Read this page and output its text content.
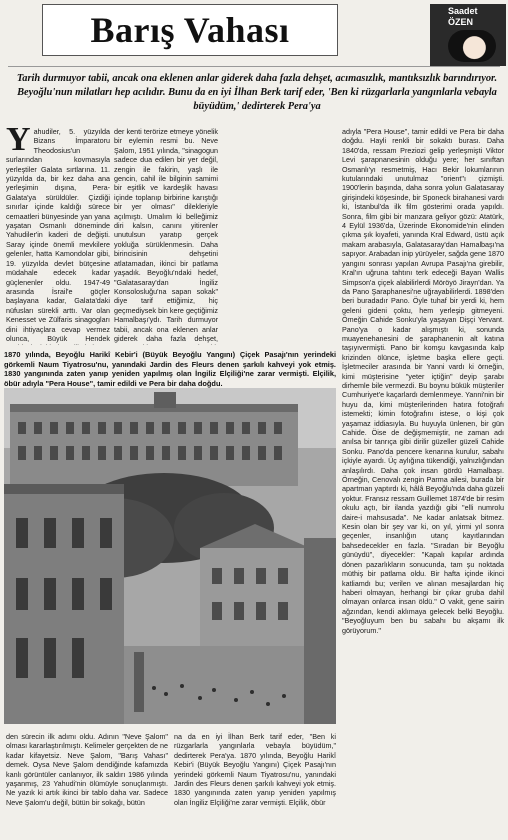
Barış Vahası	Saadet
ÖZEN
Tarih durmuyor tabii, ancak ona eklenen anlar giderek daha fazla dehşet, acımasızlık, mantıksızlık barındırıyor. Beyoğlu'nun milatları hep acılıdır. Bunu da en iyi İlhan Berk tarif eder, 'Ben ki rüzgarlarla yangınlarla vebayla büyüdüm,' dedirterek Pera'ya
Yahudiler, 5. yüzyılda Bizans İmparatoru Theodosius'un surlarından kovmasıyla yerleştiler Galata sırtlarına. 11. yüzyılda da, bir kez daha ana yerleşimin dışına, Pera-Galata'ya sürüldüler. Çizdiği sınırlar içinde kaldığı sürece cemaatleri bünyesinde yan yana yaşatan Osmanlı döneminde Yahudiler'in kaderi de değişti. Saray içinde önemli mevkilere gelenler, hatta Kamondolar gibi, 19. yüzyılda devlet bütçesine müdahale edecek kadar güçlenenler oldu. 1947-49 arasında İsrail'e göçler başlayana kadar, Galata'daki nüfusları sürekli arttı. Var olan Kenesset ve Zülfaris sinagogları dini ihtiyaçlara cevap vermez olunca, Büyük Hendek
der kenti terörize etmeye yönelik bir eylemin resmi bu. Neve Şalom, 1951 yılında, "sinagogun sadece dua edilen bir yer değil, zengin ile fakirin, yaşlı ile gencin, cahil ile bilginin samimi bir eşitlik ve kardeşlik havası içinde toplanıp birbirine karıştığı bir yer olması" dilekleriyle açılmıştı. Umalım ki belleğimiz diri kalsın, canını yitirenler unutulsun yaratıp gerçek yokluğa sürüklenmesin. Daha birincisinin dehşetini atlatamadan, ikinci bir patlama yaşadık. Beyoğlu'ndaki hedef, "Galatasaray'dan İngiliz Konsolosluğu'na sapan sokak" diye tarif ettiğimiz, hiç geçmediysek bin kere geçtiğimiz Hamalbaşı'ydı. Tarih durmuyor tabii, ancak ona eklenen anlar giderek daha fazla dehşet,
adıyla "Pera House", tamir edildi ve Pera bir daha doğdu. Hayli renkli bir sokaktı burası. Daha 1840'da, ressam Preziozi gelip yerleşmişti Viktor Levi şarapnanesinin olduğu yere; her sınıftan Osmanlı'yı resmetmiş, Hacı Bekir lokumlarının kutularındaki unutulmaz "orient"ı çizmişti. 1900'lerin başında, daha sonra yolun Galatasaray girişindeki köşesinde, bir Sponeck birahanesi vardı ki, İstanbul'da ilk film gösterimi orada yapıldı. Sonra, film gibi bir manzara geliyor gözü: Atatürk, 4 Eylül 1936'da, Üzerinde Ekonomide'nin elinden çıkma şık kıyafeti, yanında Kral Edward, üstü açık makam arabasıyla, Galatasaray'dan Hamalbaşı'na sapıyor. Arabadan inip yürüyeler, sağda gene 1870 yangını sonrası yapılan Avrupa Pasajı'na girebilir, Kral'ın uğruna tahtını terk edeceği Bayan Wallis Simpson'a çiçek alabilirlerdi Möröyö Jirayn'dan. Ya da Pano Şaraphanesi'ne uğrayabilirlerdi. 1898'den beri buradadır Pano. Öyle tuhaf bir yerdi ki, hem geleni gideni çoktu, hem yerleşip gitmeyeni. Ömeğin Cahide Sonku'yla yaşayan Dişçi Yervant. Pano'ya o kadar alışmıştı ki, sonunda muayenehanesini de şaraphanenin alt katına taşıyıvermişti. Pano bir komşu kavgasında kalp krizinden ölünce, işletme başka ellere geçti. İşletmeciler arasında bir Yanni vardı ki örneğin, kimi müşterisine "yeter içtiğin" deyip şarabı dirhemle bile vermezdi. Bu boynu bükük müşteriler Cumhuriyet'e kaçarlardı demlenmeye. Yanni'nin bir huyu da, kimi müşterilerinden hatıra fotoğrafı istemekti; kimin fotoğrafını istese, o kişi çok yaşamaz iddiasıyla. Bu huyuyla ünlenen, bir gün Cahide. Öise de değişmemiştir, ne zaman adı anılsa bir tanrıça gibi dirilir güzeller güzeli Cahide Sonku. Pano'da pencere kenarına kurulur, sabahı içkiyle ayardı. Üç aylığına tükendiği, yalnızlığından anlaşılırdı. Daha çok insan gördü Hamalbaşı. Örneğin, Cenovalı zengin Parma ailesi, burada bir apartman yaptırdı ki, hâlâ Beyoğlu'nda daha güzeli yoktur. Fransız ressam Guillemet 1874'de bir resim okulu açtı, bir ilanda yazdığı gibi "elli numrolu daire-i mahsusada". Ne kadar anlatsak bitmez. Kesin olan bir şey var ki, on yıl, yirmi yıl sonra geçenler, insanlığın utanç kayıtlarından bahsedecekler en fazla. "Sıradan bir Beyoğlu günüydü", diyecekler: "Kapalı kapılar ardında dönen pazarlıkların sonucunda, tam şu noktada müthiş bir patlama oldu. Bir hafta içinde ikinci katliamdı bu; verilen ve alınan mesajlardan hiç haberi olmayan, herhangi bir çıkar gruba dahil olmayan onlarca insan öldü." O vakit, gene sairin ağzından, kendi aklımaya gelecek belki Beyoğlu. "Beyoğluyum ben bu sabahı bu akşamı ilk görüyorum."
1870 yılında, Beyoğlu Harikî Kebir'i (Büyük Beyoğlu Yangını) Çiçek Pasajı'nın yerindeki görkemli Naum Tiyatrosu'nu, yanındaki Jardin des Fleurs denen şarkılı kahveyi yok etmiş. 1830 yangınında zaten yanıp yeniden yapılmış olan İngiliz Elçiliği'ne zarar vermişti. Elçilik, öbür adıyla "Pera House", tamir edildi ve Pera bir daha doğdu.
den sürecin ilk adımı oldu. Adının "Neve Şalom" olması kararlaştırılmıştı. Kelimeler gerçekten de ne kadar kifayetsiz. Neve Şalom, "Barış Vahası" demek. Oysa Neve Şalom dendiğinde kafamızda kanlı görüntüler canlanıyor, ilk saldırı 1986 yılında yaşanmış, 23 Yahudi'nin ölümüyle sonuçlanmıştı. Ne yazık ki artık ikinci bir tablo daha var. Sadece Neve Şalom'u değil, bütün bir sokağı, bütün
na da en iyi İlhan Berk tarif eder, "Ben ki rüzgarlarla yangınlarla vebayla büyüdüm," dedirterek Pera'ya. 1870 yılında, Beyoğlu Harikî Kebir'i (Büyük Beyoğlu Yangını) Çiçek Pasajı'nın yerindeki görkemli Naum Tiyatrosu'nu, yanındaki Jardin des Fleurs denen şarkılı kahveyi yok etmiş. 1830 yangınında zaten yanıp yeniden yapılmış olan İngiliz Elçiliği'ne zarar vermişti. Elçilik, öbür
